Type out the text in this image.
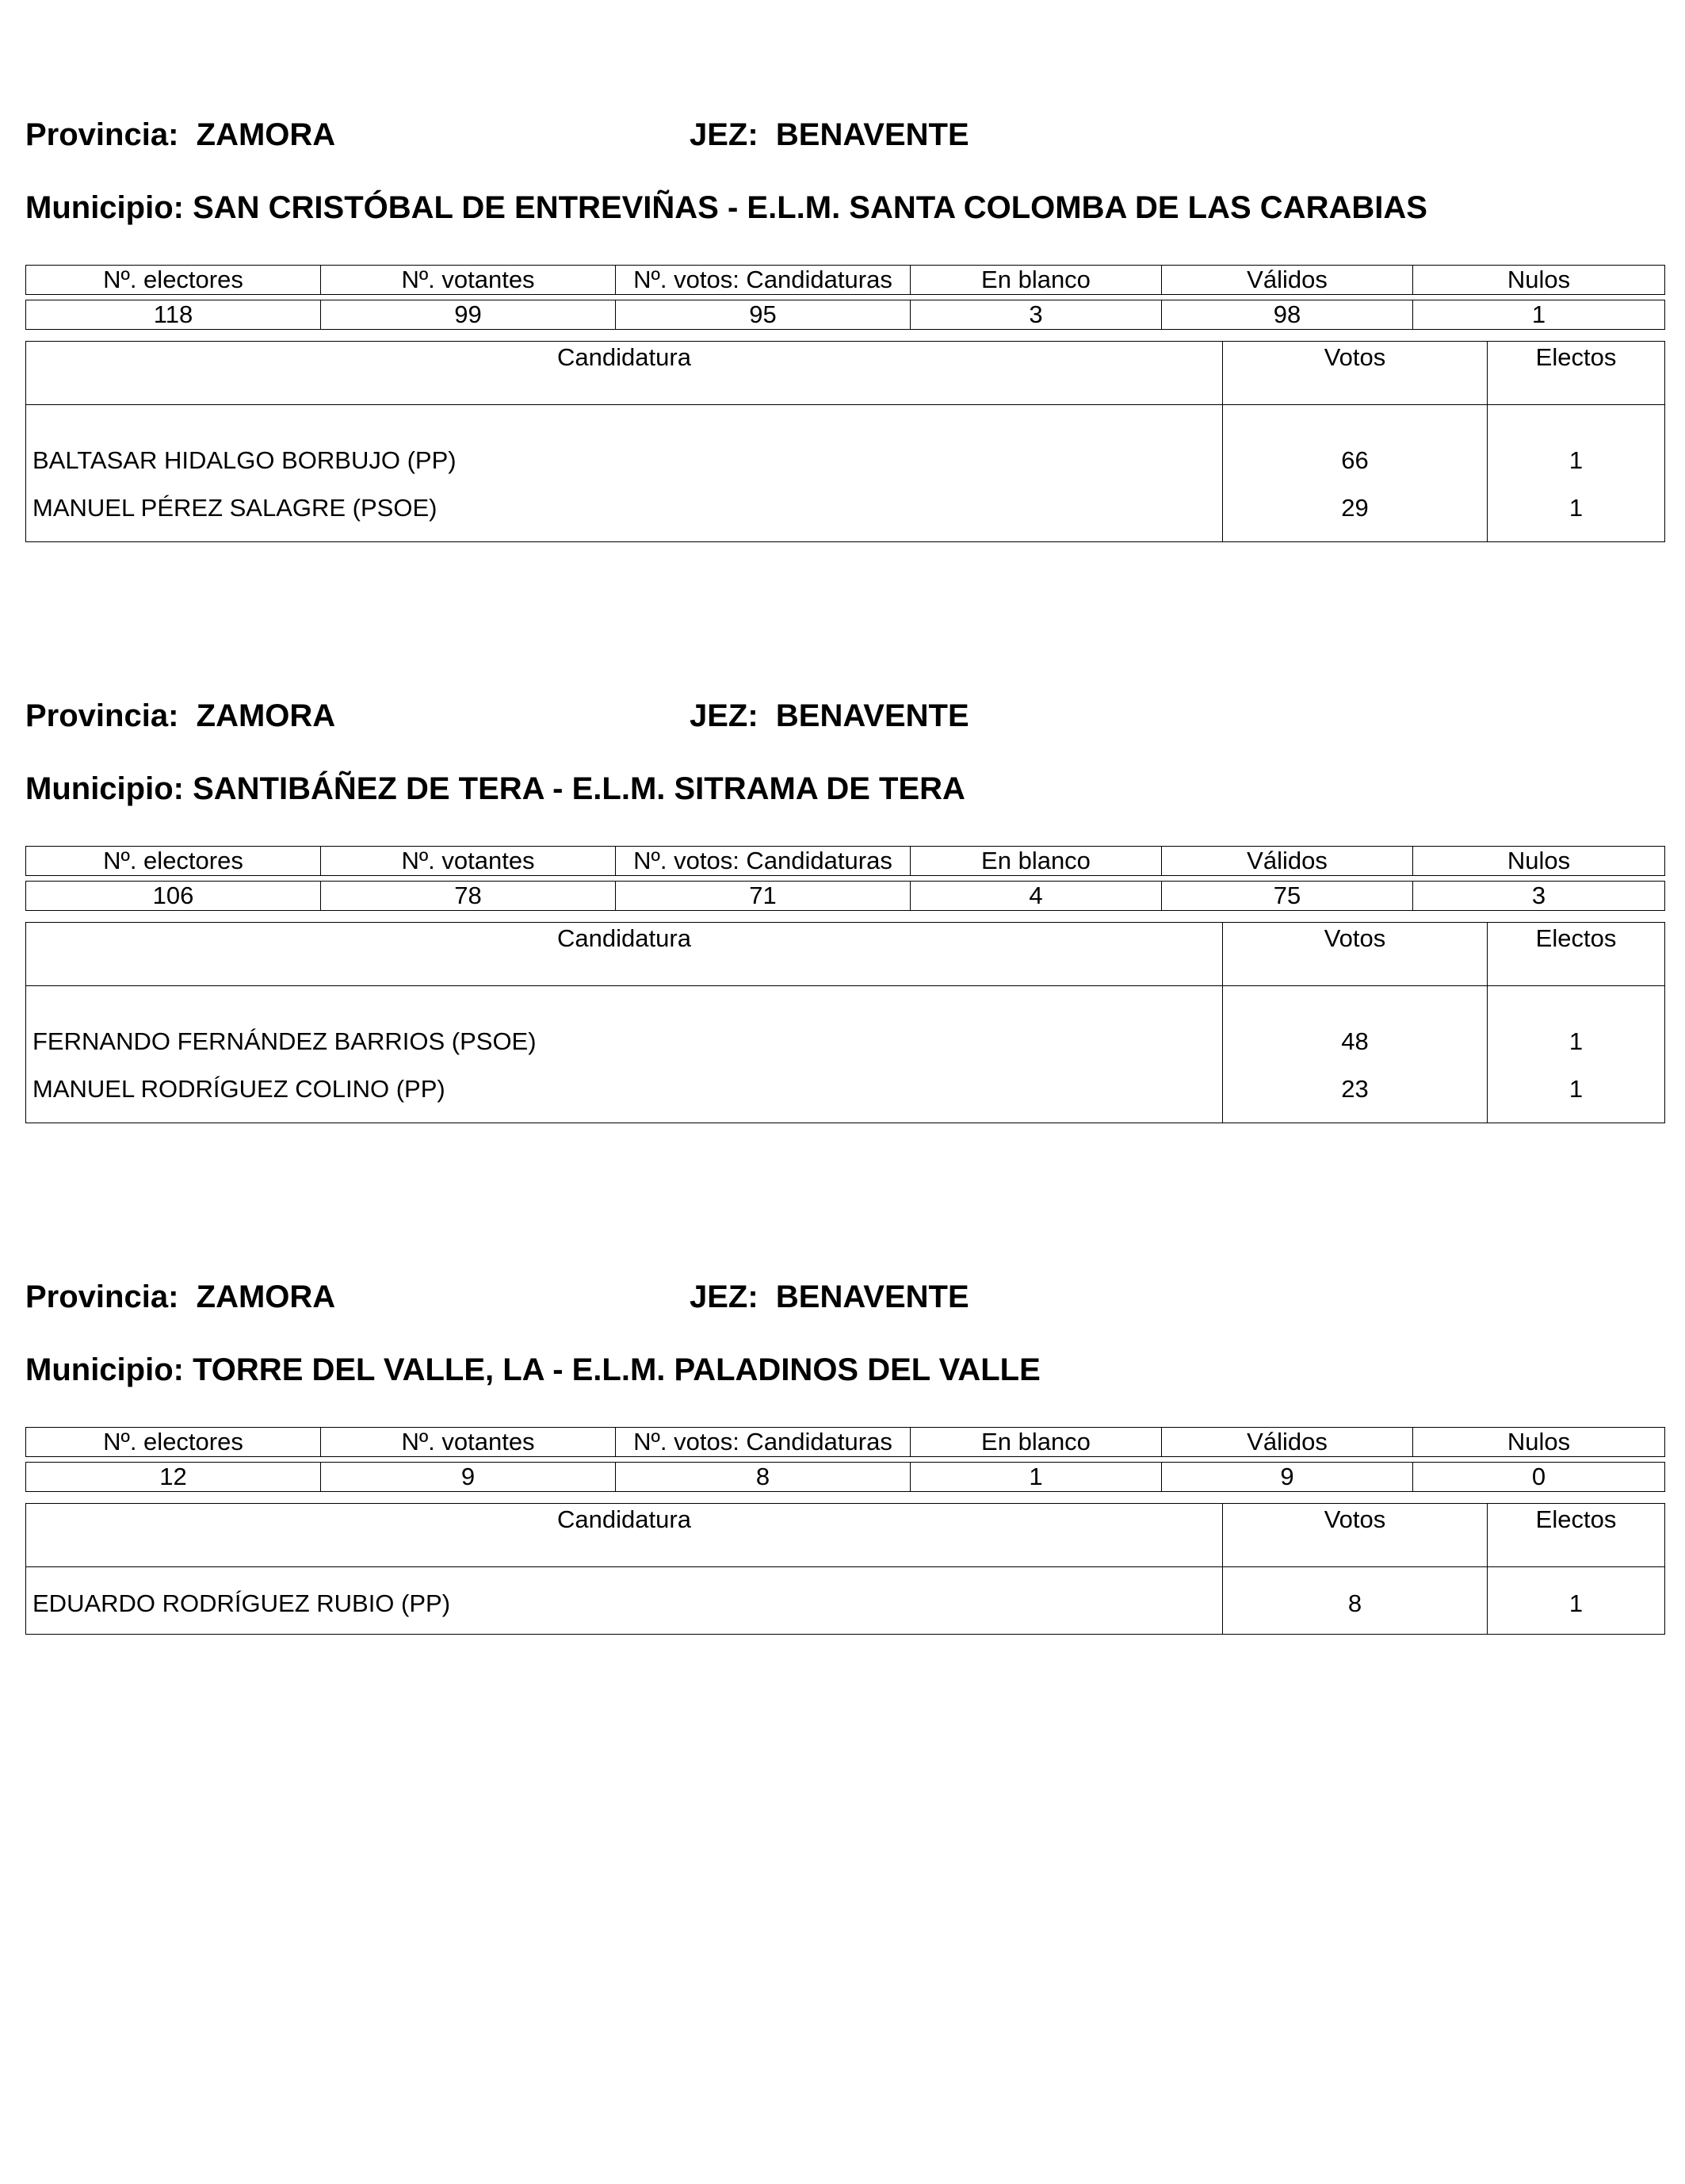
Provincia: ZAMORA	JEZ: BENAVENTE
Municipio: SAN CRISTÓBAL DE ENTREVIÑAS - E.L.M. SANTA COLOMBA DE LAS CARABIAS
Nº. electores	Nº. votantes	Nº. votos: Candidaturas	En blanco	Válidos	Nulos

118	99	95	3	98	1
Candidatura	Votos	Electos
BALTASAR HIDALGO BORBUJO (PP)	66	1
MANUEL PÉREZ SALAGRE (PSOE)	29	1
Provincia: ZAMORA	JEZ: BENAVENTE
Municipio: SANTIBÁÑEZ DE TERA - E.L.M. SITRAMA DE TERA
Nº. electores	Nº. votantes	Nº. votos: Candidaturas	En blanco	Válidos	Nulos

106	78	71	4	75	3
Candidatura	Votos	Electos
FERNANDO FERNÁNDEZ BARRIOS (PSOE)	48	1
MANUEL RODRÍGUEZ COLINO (PP)	23	1
Provincia: ZAMORA	JEZ: BENAVENTE
Municipio: TORRE DEL VALLE, LA - E.L.M. PALADINOS DEL VALLE
Nº. electores	Nº. votantes	Nº. votos: Candidaturas	En blanco	Válidos	Nulos

12	9	8	1	9	0
Candidatura	Votos	Electos
EDUARDO RODRÍGUEZ RUBIO (PP)	8	1
